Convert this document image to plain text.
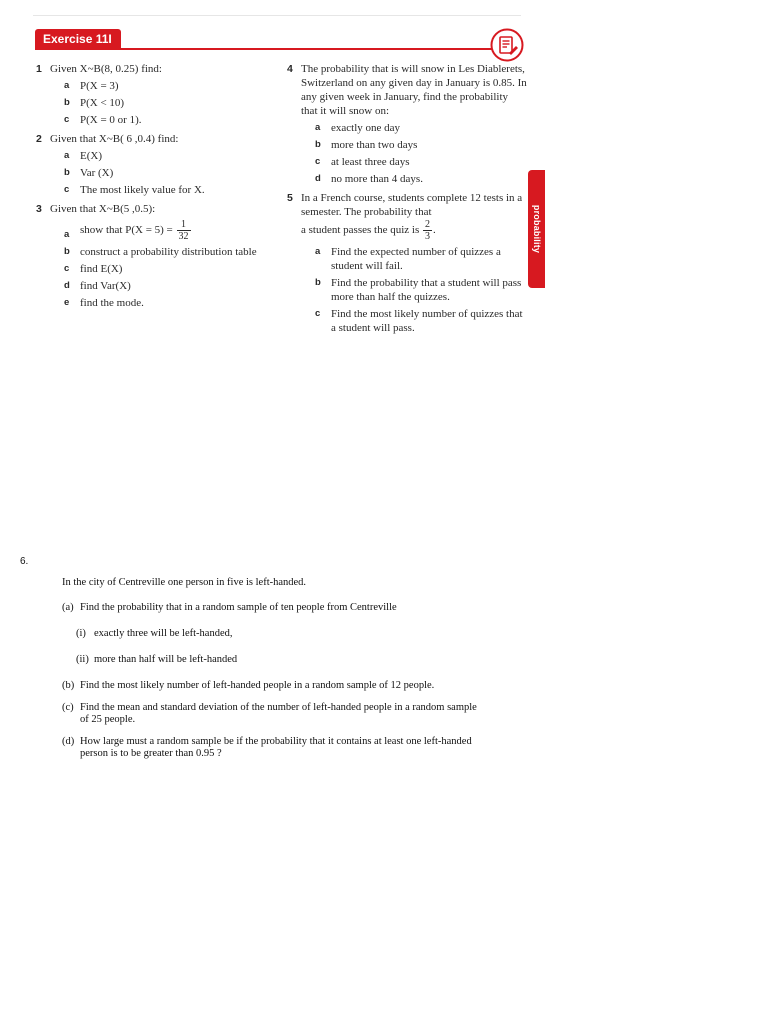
Exercise 11I
probability
1 Given X~B(8, 0.25) find:
a P(X = 3)
b P(X < 10)
c P(X = 0 or 1).
2 Given that X~B( 6 ,0.4) find:
a E(X)
b Var (X)
c The most likely value for X.
3 Given that X~B(5 ,0.5):
a show that $P(X = 5) = \frac{1}{32}$
b construct a probability distribution table
c find E(X)
d find Var(X)
e find the mode.
4 The probability that is will snow in Les Diablerets, Switzerland on any given day in January is 0.85. In any given week in January, find the probability that it will snow on:
a exactly one day
b more than two days
c at least three days
d no more than 4 days.
5 In a French course, students complete 12 tests in a semester. The probability that
a student passes the quiz is $\frac{2}{3}$ .
a Find the expected number of quizzes a student will fail.
b Find the probability that a student will pass more than half the quizzes.
c Find the most likely number of quizzes that a student will pass.
6.
In the city of Centreville one person in five is left-handed.
(a) Find the probability that in a random sample of ten people from Centreville
(i) exactly three will be left-handed,
(ii) more than half will be left-handed
(b) Find the most likely number of left-handed people in a random sample of 12 people.
(c) Find the mean and standard deviation of the number of left-handed people in a random sample of 25 people.
(d) How large must a random sample be if the probability that it contains at least one left-handed person is to be greater than 0.95 ?
